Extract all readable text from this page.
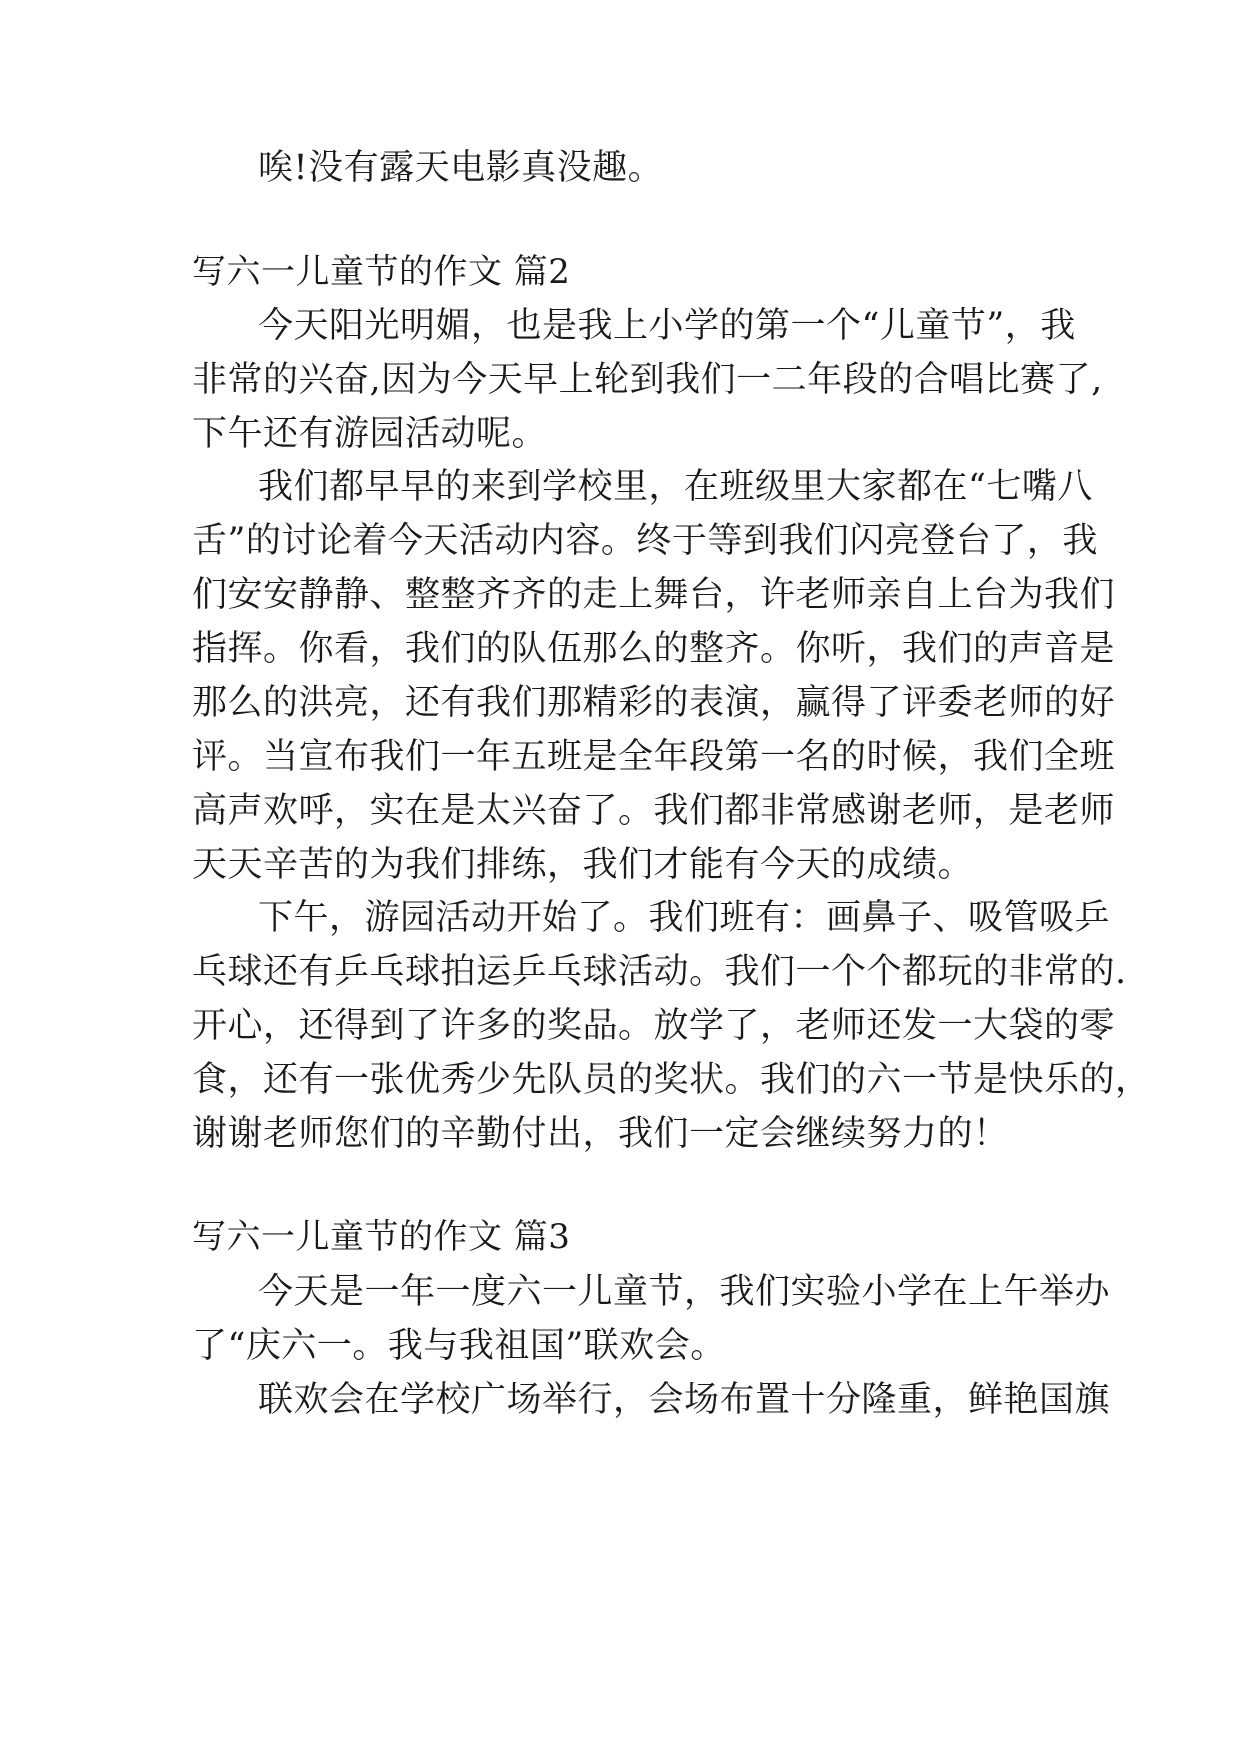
唉!没有露天电影真没趣。
写六一儿童节的作文 篇2
今天阳光明媚，也是我上小学的第一个“儿童节”，我
非常的兴奋,因为今天早上轮到我们一二年段的合唱比赛了,
下午还有游园活动呢。
我们都早早的来到学校里，在班级里大家都在“七嘴八
舌”的讨论着今天活动内容。终于等到我们闪亮登台了，我
们安安静静、整整齐齐的走上舞台，许老师亲自上台为我们
指挥。你看，我们的队伍那么的整齐。你听，我们的声音是
那么的洪亮，还有我们那精彩的表演，赢得了评委老师的好
评。当宣布我们一年五班是全年段第一名的时候，我们全班
高声欢呼，实在是太兴奋了。我们都非常感谢老师，是老师
天天辛苦的为我们排练，我们才能有今天的成绩。
下午，游园活动开始了。我们班有：画鼻子、吸管吸乒
乓球还有乒乓球拍运乒乓球活动。我们一个个都玩的非常的.
开心，还得到了许多的奖品。放学了，老师还发一大袋的零
食，还有一张优秀少先队员的奖状。我们的六一节是快乐的，
谢谢老师您们的辛勤付出，我们一定会继续努力的！
写六一儿童节的作文 篇3
今天是一年一度六一儿童节，我们实验小学在上午举办
了“庆六一。我与我祖国”联欢会。
联欢会在学校广场举行，会场布置十分隆重，鲜艳国旗
